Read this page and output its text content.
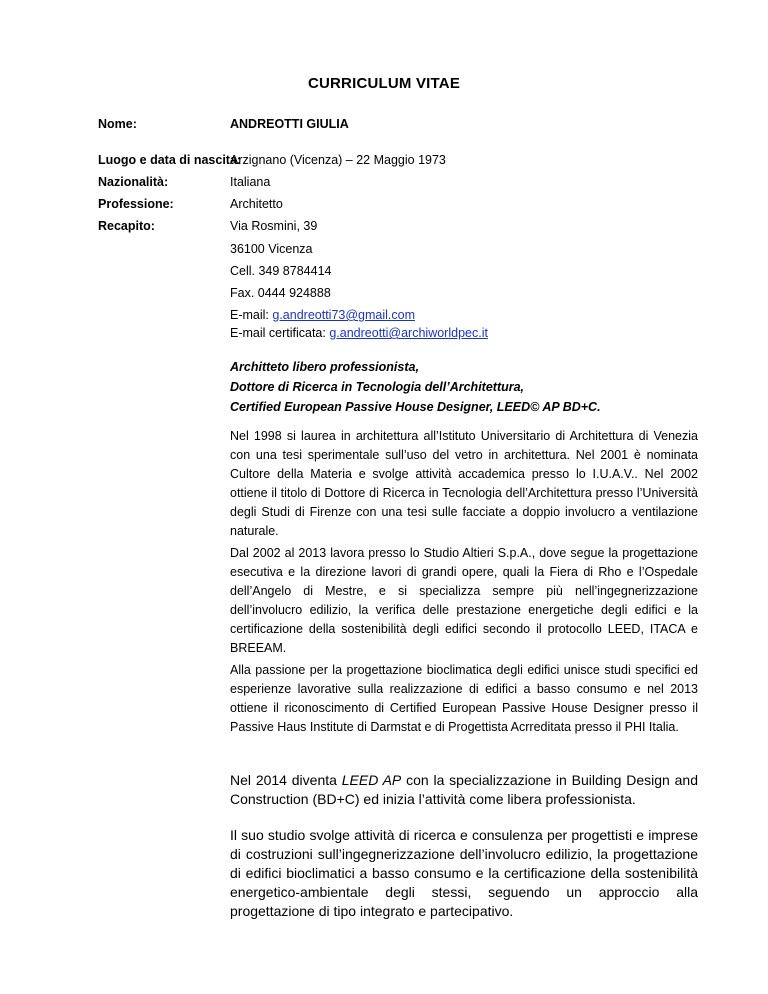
CURRICULUM VITAE
Nome:	ANDREOTTI GIULIA
Luogo e data di nascita:
Arzignano (Vicenza) – 22 Maggio 1973
Nazionalità:	Italiana
Professione:	Architetto
Recapito:	Via Rosmini, 39
36100 Vicenza
Cell. 349 8784414
Fax. 0444 924888
E-mail: g.andreotti73@gmail.com
E-mail certificata: g.andreotti@archiworldpec.it
Architteto libero professionista,
Dottore di Ricerca in Tecnologia dell’Architettura,
Certified European Passive House Designer, LEED© AP BD+C.
Nel 1998 si laurea in architettura all’Istituto Universitario di Architettura di Venezia con una tesi sperimentale sull’uso del vetro in architettura. Nel 2001 è nominata Cultore della Materia e svolge attività accademica presso lo I.U.A.V.. Nel 2002 ottiene il titolo di Dottore di Ricerca in Tecnologia dell’Architettura presso l’Università degli Studi di Firenze con una tesi sulle facciate a doppio involucro a ventilazione naturale.
Dal 2002 al 2013 lavora presso lo Studio Altieri S.p.A., dove segue la progettazione esecutiva e la direzione lavori di grandi opere, quali la Fiera di Rho e l’Ospedale dell’Angelo di Mestre, e si specializza sempre più nell’ingegnerizzazione dell’involucro edilizio, la verifica delle prestazione energetiche degli edifici e la certificazione della sostenibilità degli edifici secondo il protocollo LEED, ITACA e BREEAM.
Alla passione per la progettazione bioclimatica degli edifici unisce studi specifici ed esperienze lavorative sulla realizzazione di edifici a basso consumo e nel 2013 ottiene il riconoscimento di Certified European Passive House Designer presso il Passive Haus Institute di Darmstat e di Progettista Acrreditata presso il PHI Italia.
Nel 2014 diventa LEED AP con la specializzazione in Building Design and Construction (BD+C) ed inizia l’attività come libera professionista.
Il suo studio svolge attività di ricerca e consulenza per progettisti e imprese di costruzioni sull’ingegnerizzazione dell’involucro edilizio, la progettazione di edifici bioclimatici a basso consumo e la certificazione della sostenibilità energetico-ambientale degli stessi, seguendo un approccio alla progettazione di tipo integrato e partecipativo.
